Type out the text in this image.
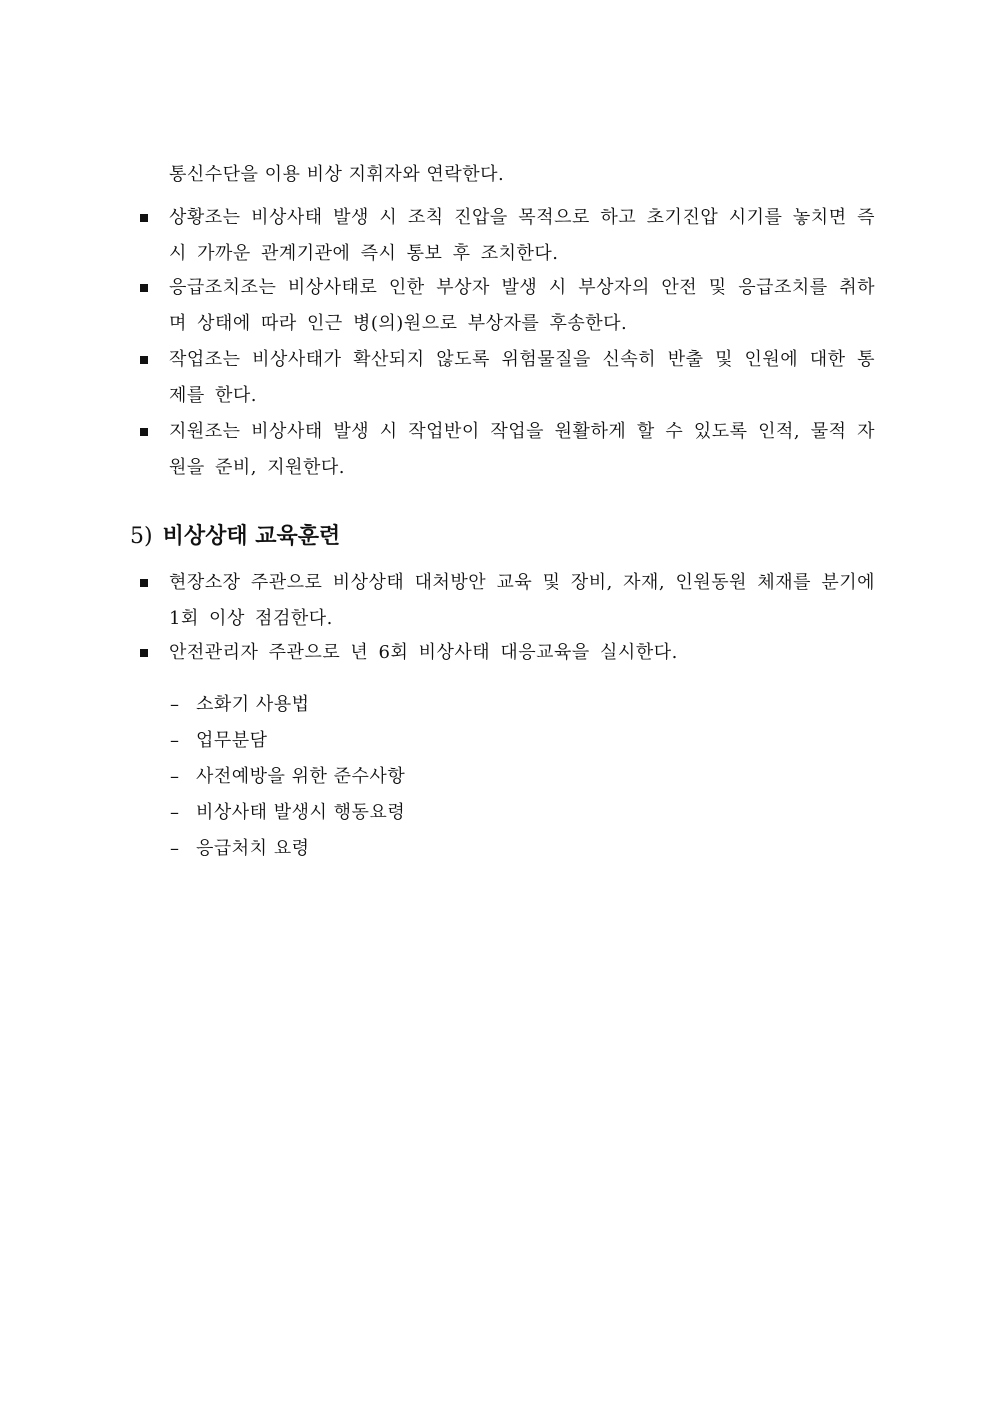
통신수단을 이용 비상 지휘자와 연락한다.
상황조는 비상사태 발생 시 조칙 진압을 목적으로 하고 초기진압 시기를 놓치면 즉시 가까운 관계기관에 즉시 통보 후 조치한다.
응급조치조는 비상사태로 인한 부상자 발생 시 부상자의 안전 및 응급조치를 취하며 상태에 따라 인근 병(의)원으로 부상자를 후송한다.
작업조는 비상사태가 확산되지 않도록 위험물질을 신속히 반출 및 인원에 대한 통제를 한다.
지원조는 비상사태 발생 시 작업반이 작업을 원활하게 할 수 있도록 인적, 물적 자원을 준비, 지원한다.
5) 비상상태 교육훈련
현장소장 주관으로 비상상태 대처방안 교육 및 장비, 자재, 인원동원 체재를 분기에 1회 이상 점검한다.
안전관리자 주관으로 년 6회 비상사태 대응교육을 실시한다.
– 소화기 사용법
– 업무분담
– 사전예방을 위한 준수사항
– 비상사태 발생시 행동요령
– 응급처치 요령
